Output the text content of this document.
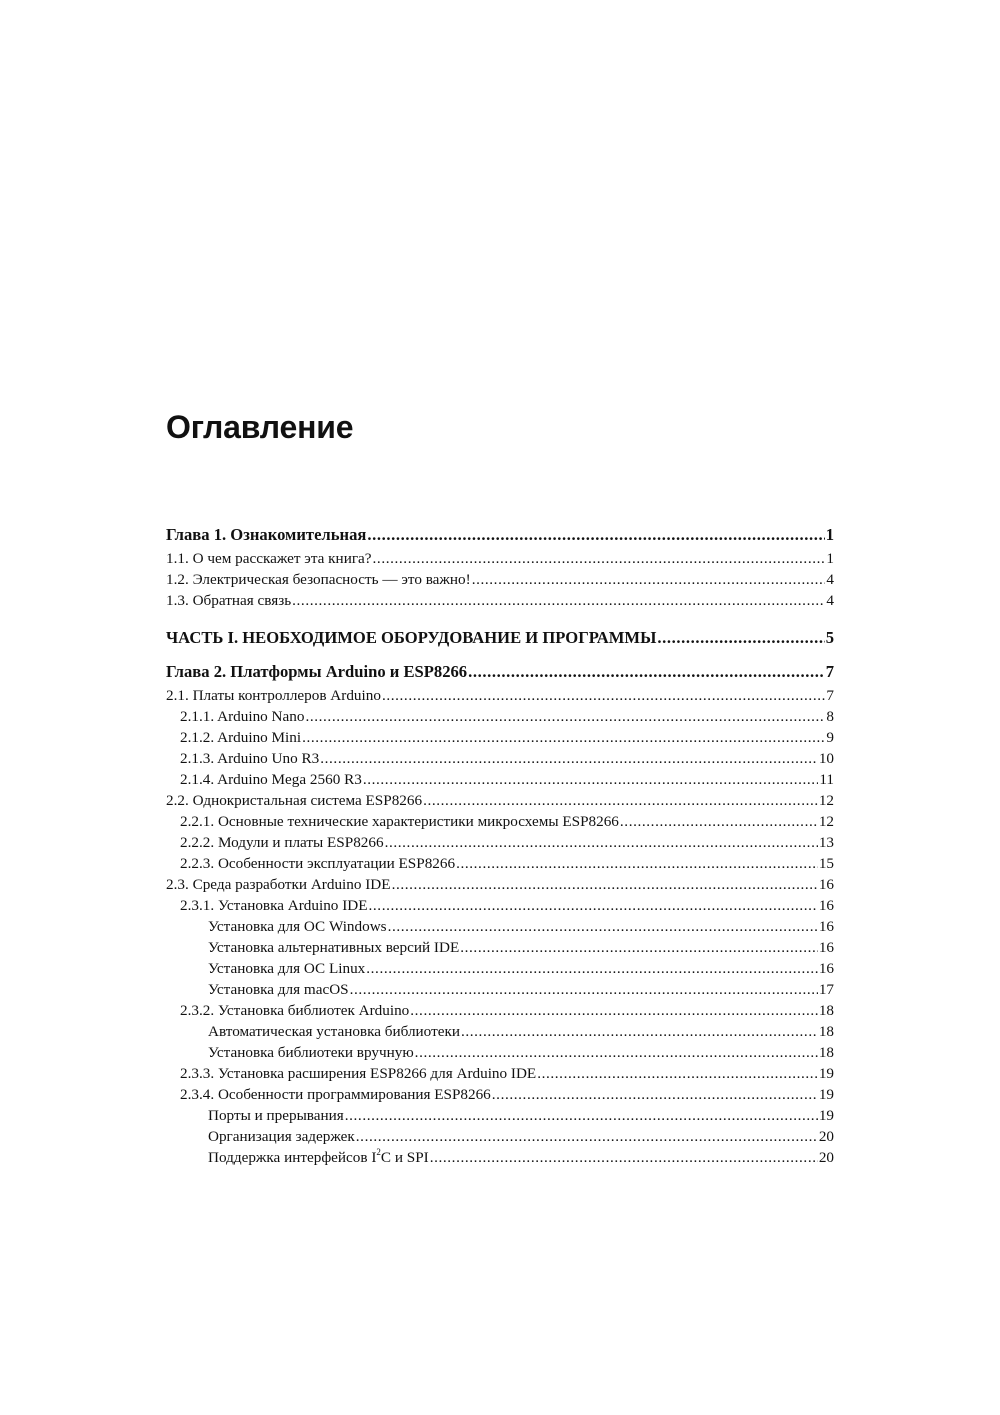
Оглавление
Глава 1. Ознакомительная .....	1
1.1. О чем расскажет эта книга? .....	1
1.2. Электрическая безопасность — это важно! .....	4
1.3. Обратная связь .....	4
ЧАСТЬ I. НЕОБХОДИМОЕ ОБОРУДОВАНИЕ И ПРОГРАММЫ .....	5
Глава 2. Платформы Arduino и ESP8266 .....	7
2.1. Платы контроллеров Arduino .....	7
2.1.1. Arduino Nano .....	8
2.1.2. Arduino Mini .....	9
2.1.3. Arduino Uno R3 .....	10
2.1.4. Arduino Mega 2560 R3 .....	11
2.2. Однокристальная система ESP8266 .....	12
2.2.1. Основные технические характеристики микросхемы ESP8266 .....	12
2.2.2. Модули и платы ESP8266 .....	13
2.2.3. Особенности эксплуатации ESP8266 .....	15
2.3. Среда разработки Arduino IDE .....	16
2.3.1. Установка Arduino IDE .....	16
Установка для ОС Windows .....	16
Установка альтернативных версий IDE .....	16
Установка для ОС Linux .....	16
Установка для macOS .....	17
2.3.2. Установка библиотек Arduino .....	18
Автоматическая установка библиотеки .....	18
Установка библиотеки вручную .....	18
2.3.3. Установка расширения ESP8266 для Arduino IDE .....	19
2.3.4. Особенности программирования ESP8266 .....	19
Порты и прерывания .....	19
Организация задержек .....	20
Поддержка интерфейсов $I^2C$ и SPI .....	20
